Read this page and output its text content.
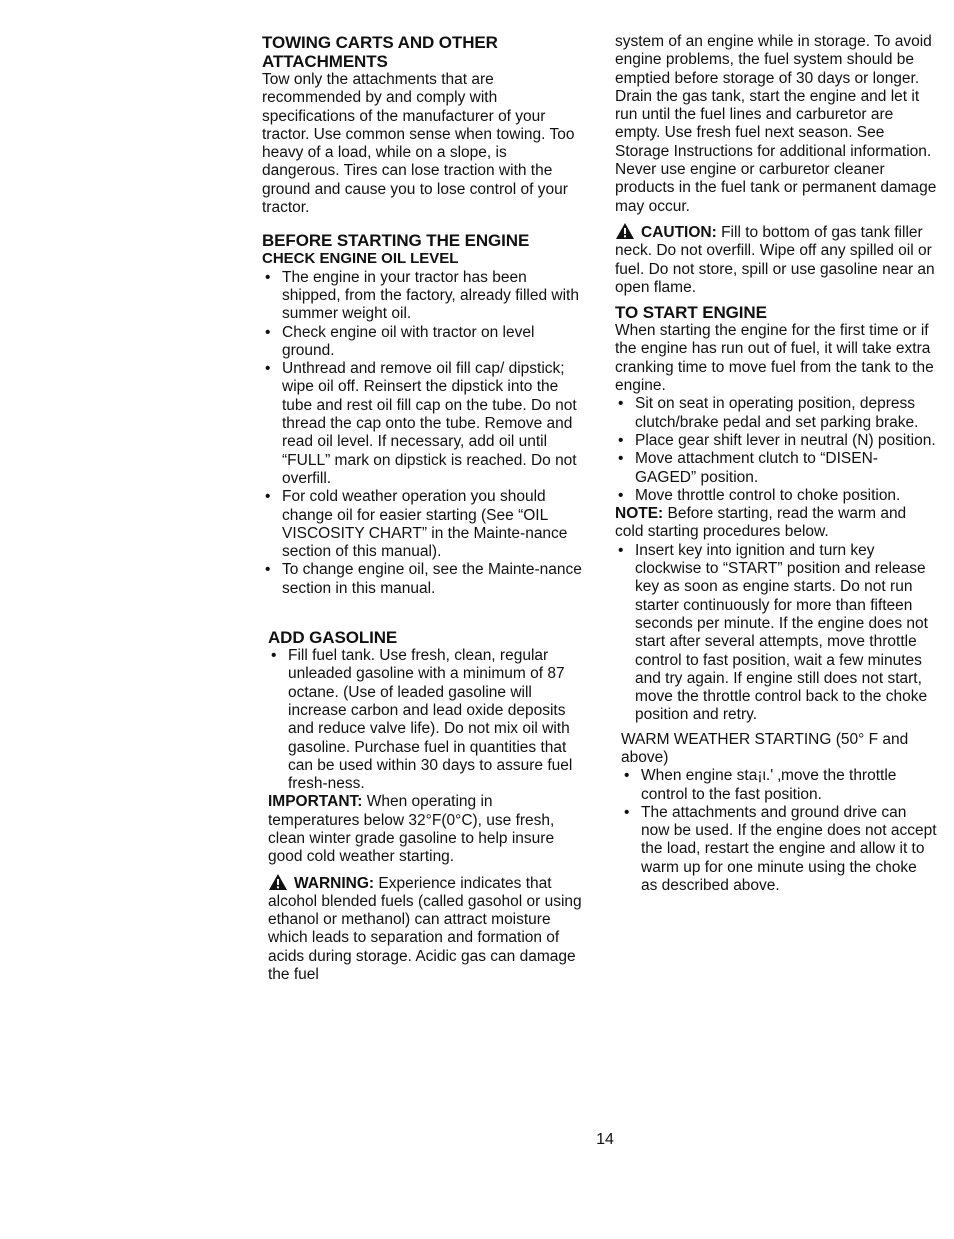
TOWING CARTS AND OTHER
ATTACHMENTS

Tow only the attachments that are recommended by and comply with specifications of the manufacturer of your tractor. Use common sense when towing. Too heavy of a load, while on a slope, is dangerous. Tires can lose traction with the ground and cause you to lose control of your tractor.

BEFORE STARTING THE ENGINE
CHECK ENGINE OIL LEVEL
• The engine in your tractor has been shipped, from the factory, already filled with summer weight oil.
• Check engine oil with tractor on level ground.
• Unthread and remove oil fill cap/ dipstick; wipe oil off. Reinsert the dipstick into the tube and rest oil fill cap on the tube. Do not thread the cap onto the tube. Remove and read oil level. If necessary, add oil until “FULL” mark on dipstick is reached. Do not overfill.
• For cold weather operation you should change oil for easier starting (See “OIL VISCOSITY CHART” in the Mainte-nance section of this manual).
• To change engine oil, see the Mainte-nance section in this manual.
ADD GASOLINE
• Fill fuel tank. Use fresh, clean, regular unleaded gasoline with a minimum of 87 octane. (Use of leaded gasoline will increase carbon and lead oxide deposits and reduce valve life). Do not mix oil with gasoline. Purchase fuel in quantities that can be used within 30 days to assure fuel fresh-ness.

IMPORTANT: When operating in temperatures below 32°F(0°C), use fresh, clean winter grade gasoline to help insure good cold weather starting.

WARNING: Experience indicates that alcohol blended fuels (called gasohol or using ethanol or methanol) can attract moisture which leads to separation and formation of acids during storage. Acidic gas can damage the fuel

system of an engine while in storage. To avoid engine problems, the fuel system should be emptied before storage of 30 days or longer. Drain the gas tank, start the engine and let it run until the fuel lines and carburetor are empty. Use fresh fuel next season. See Storage Instructions for additional information. Never use engine or carburetor cleaner products in the fuel tank or permanent damage may occur.

CAUTION: Fill to bottom of gas tank filler neck. Do not overfill. Wipe off any spilled oil or fuel. Do not store, spill or use gasoline near an open flame.

TO START ENGINE

When starting the engine for the first time or if the engine has run out of fuel, it will take extra cranking time to move fuel from the tank to the engine.

• Sit on seat in operating position, depress clutch/brake pedal and set parking brake.
• Place gear shift lever in neutral (N) position.
• Move attachment clutch to “DISEN-GAGED” position.
• Move throttle control to choke position.

NOTE: Before starting, read the warm and cold starting procedures below.

• Insert key into ignition and turn key clockwise to “START” position and release key as soon as engine starts. Do not run starter continuously for more than fifteen seconds per minute. If the engine does not start after several attempts, move throttle control to fast position, wait a few minutes and try again. If engine still does not start, move the throttle control back to the choke position and retry.

WARM WEATHER STARTING (50° F and above)

• When engine sta¡ι.' ‚move the throttle control to the fast position.
• The attachments and ground drive can now be used. If the engine does not accept the load, restart the engine and allow it to warm up for one minute using the choke as described above.
14
